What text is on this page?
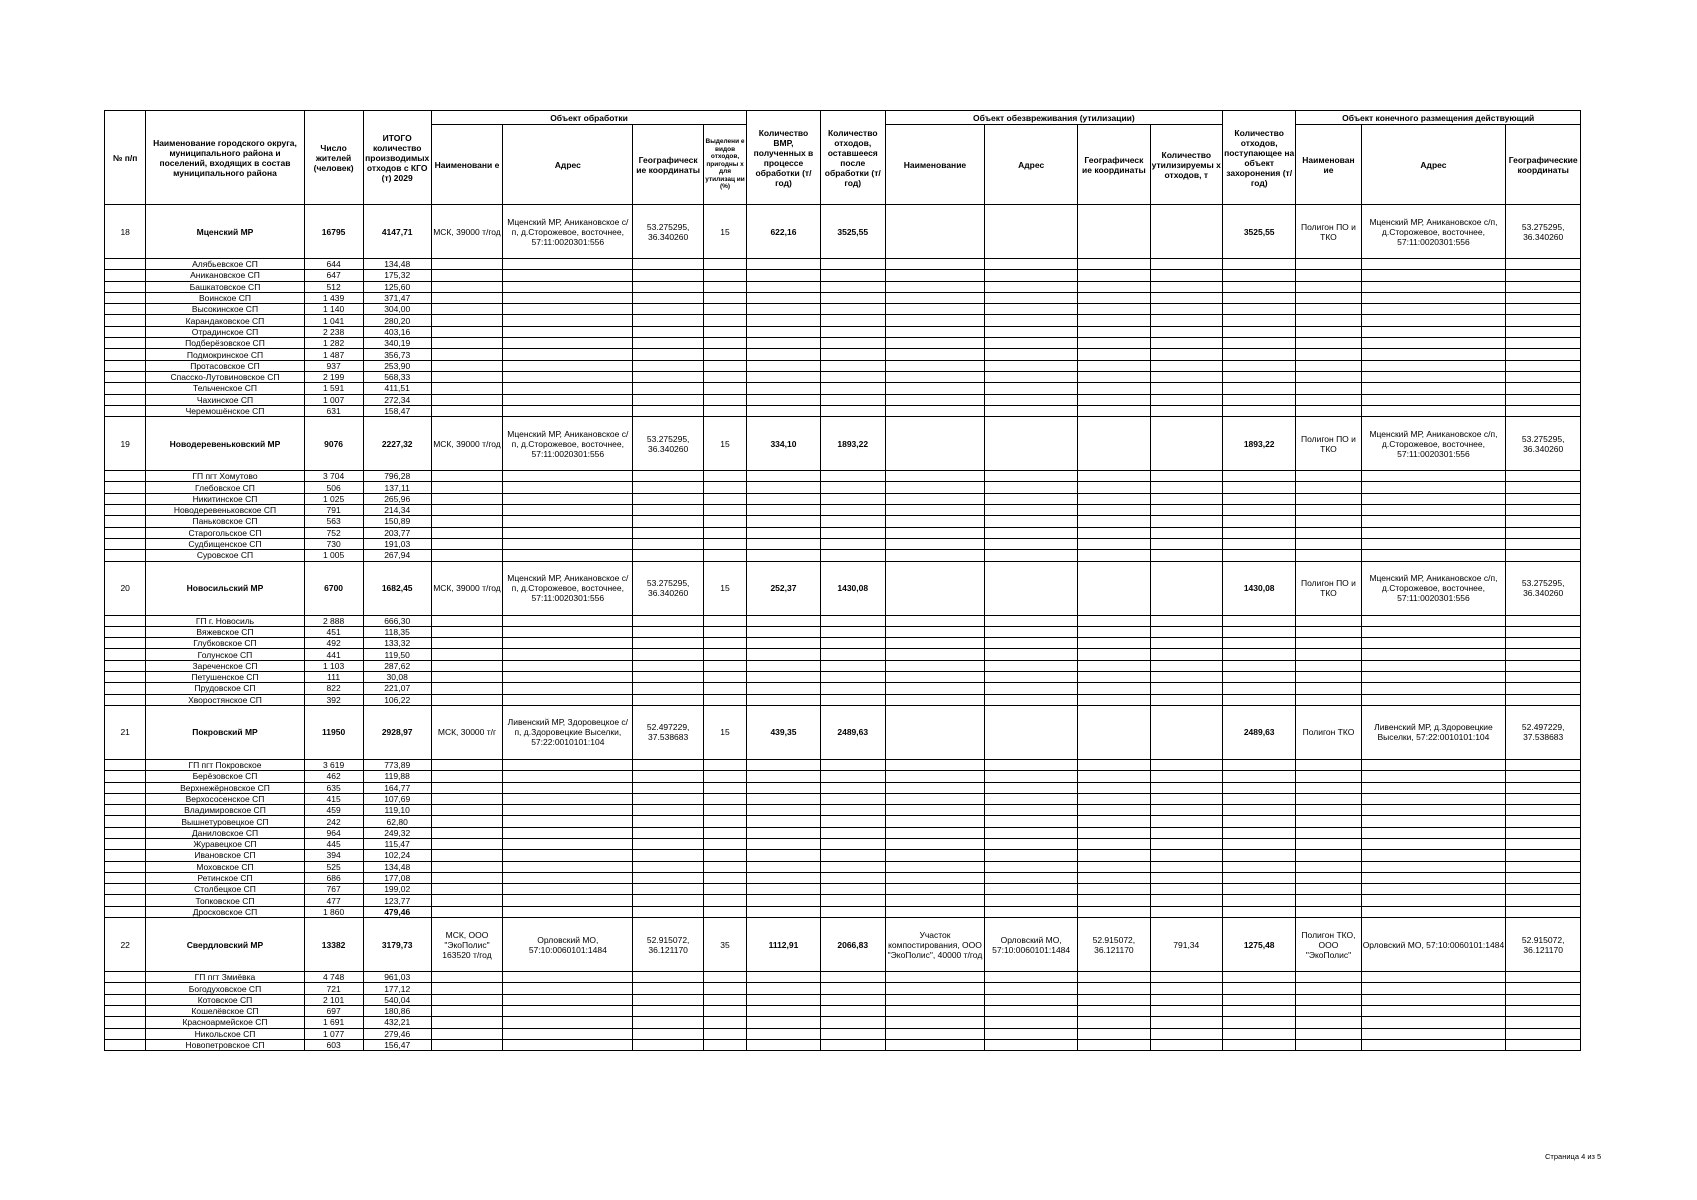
№ п/п	Наименование городского округа, муниципального района и поселений, входящих в состав муниципального района	Число жителей (человек)	ИТОГО количество производимых отходов с КГО (т) 2029	Объект обработки				Количество ВМР, полученных в процессе обработки (т/год)	Количество отходов, оставшееся после обработки (т/год)	Объект обезвреживания (утилизации)				Количество отходов, поступающее на объект захоронения (т/год)	Объект конечного размещения действующий		
				Наименовани е	Адрес	Географическ ие координаты	Выделени е видов отходов, пригодны х для утилизац ии (%)			Наименование	Адрес	Географическ ие координаты	Количество утилизируемы х отходов, т		Наименован ие	Адрес	Географические координаты
18	Мценский МР	16795	4147,71	МСК, 39000 т/год	Мценский МР, Аникановское с/п, д.Сторожевое, восточнее, 57:11:0020301:556	53.275295, 36.340260	15	622,16	3525,55					3525,55	Полигон ПО и ТКО	Мценский МР, Аникановское с/п, д.Сторожевое, восточнее, 57:11:0020301:556	53.275295, 36.340260
	Алябьевское СП	644	134,48														
	Аникановское СП	647	175,32														
	Башкатовское СП	512	125,60														
	Воинское СП	1 439	371,47														
	Высокинское СП	1 140	304,00														
	Карандаковское СП	1 041	280,20														
	Отрадинское СП	2 238	403,16														
	Подберёзовское СП	1 282	340,19														
	Подмокринское СП	1 487	356,73														
	Протасовское СП	937	253,90														
	Спасско-Лутовиновское СП	2 199	568,33														
	Тельченское СП	1 591	411,51														
	Чахинское СП	1 007	272,34														
	Черемошёнское СП	631	158,47														
19	Новодеревеньковский МР	9076	2227,32	МСК, 39000 т/год	Мценский МР, Аникановское с/п, д.Сторожевое, восточнее, 57:11:0020301:556	53.275295, 36.340260	15	334,10	1893,22					1893,22	Полигон ПО и ТКО	Мценский МР, Аникановское с/п, д.Сторожевое, восточнее, 57:11:0020301:556	53.275295, 36.340260
	ГП пгт Хомутово	3 704	796,28														
	Глебовское СП	506	137,11														
	Никитинское СП	1 025	265,96														
	Новодеревеньковское СП	791	214,34														
	Паньковское СП	563	150,89														
	Старогольское СП	752	203,77														
	Судбищенское СП	730	191,03														
	Суровское СП	1 005	267,94														
20	Новосильский МР	6700	1682,45	МСК, 39000 т/год	Мценский МР, Аникановское с/п, д.Сторожевое, восточнее, 57:11:0020301:556	53.275295, 36.340260	15	252,37	1430,08					1430,08	Полигон ПО и ТКО	Мценский МР, Аникановское с/п, д.Сторожевое, восточнее, 57:11:0020301:556	53.275295, 36.340260
	ГП г. Новосиль	2 888	666,30														
	Вяжевское СП	451	118,35														
	Глубковское СП	492	133,32														
	Голунское СП	441	119,50														
	Зареченское СП	1 103	287,62														
	Петушенское СП	111	30,08														
	Прудовское СП	822	221,07														
	Хворостянское СП	392	106,22														
21	Покровский МР	11950	2928,97	МСК, 30000 т/г	Ливенский МР, Здоровецкое с/п, д.Здоровецкие Выселки, 57:22:0010101:104	52.497229, 37.538683	15	439,35	2489,63					2489,63	Полигон ТКО	Ливенский МР, д.Здоровецкие Выселки, 57:22:0010101:104	52.497229, 37.538683
	ГП пгт Покровское	3 619	773,89														
	Берёзовское СП	462	119,88														
	Верхнежёрновское СП	635	164,77														
	Верхососенское СП	415	107,69														
	Владимировское СП	459	119,10														
	Вышнетуровецкое СП	242	62,80														
	Даниловское СП	964	249,32														
	Журавецкое СП	445	115,47														
	Ивановское СП	394	102,24														
	Моховское СП	525	134,48														
	Ретинское СП	686	177,08														
	Столбецкое СП	767	199,02														
	Топковское СП	477	123,77														
	Дросковское СП	1 860	479,46														
22	Свердловский МР	13382	3179,73	МСК, ООО "ЭкоПолис" 163520 т/год	Орловский МО, 57:10:0060101:1484	52.915072, 36.121170	35	1112,91	2066,83	Участок компостирования, ООО "ЭкоПолис", 40000 т/год	Орловский МО, 57:10:0060101:1484	52.915072, 36.121170	791,34	1275,48	Полигон ТКО, ООО "ЭкоПолис"	Орловский МО, 57:10:0060101:1484	52.915072, 36.121170
	ГП пгт Змиёвка	4 748	961,03														
	Богодуховское СП	721	177,12														
	Котовское СП	2 101	540,04														
	Кошелёвское СП	697	180,86														
	Красноармейское СП	1 691	432,21														
	Никольское СП	1 077	279,46														
	Новопетровское СП	603	156,47														
Страница 4 из 5
